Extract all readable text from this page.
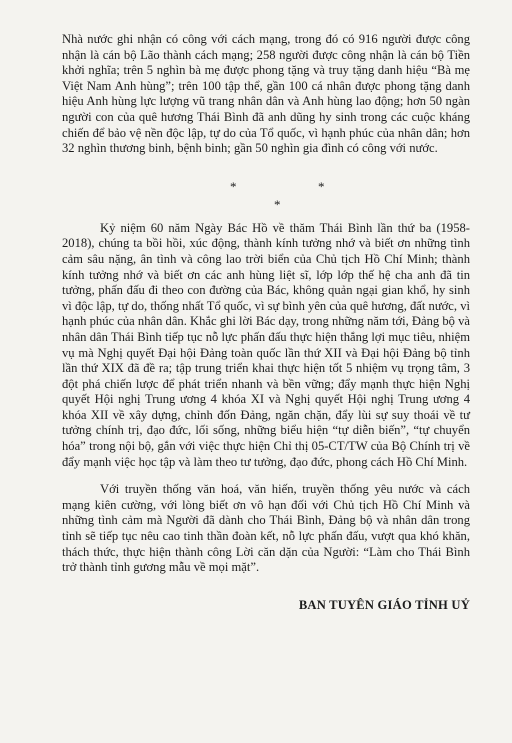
Nhà nước ghi nhận có công với cách mạng, trong đó có 916 người được công nhận là cán bộ Lão thành cách mạng; 258 người được công nhận là cán bộ Tiền khởi nghĩa; trên 5 nghìn bà mẹ được phong tặng và truy tặng danh hiệu “Bà mẹ Việt Nam Anh hùng”; trên 100 tập thể, gần 100 cá nhân được phong tặng danh hiệu Anh hùng lực lượng vũ trang nhân dân và Anh hùng lao động; hơn 50 ngàn người con của quê hương Thái Bình đã anh dũng hy sinh trong các cuộc kháng chiến để bảo vệ nền độc lập, tự do của Tổ quốc, vì hạnh phúc của nhân dân; hơn 32 nghìn thương binh, bệnh binh; gần 50 nghìn gia đình có công với nước.

*	*
*

Kỷ niệm 60 năm Ngày Bác Hồ về thăm Thái Bình lần thứ ba (1958-2018), chúng ta bồi hồi, xúc động, thành kính tưởng nhớ và biết ơn những tình cảm sâu nặng, ân tình và công lao trời biển của Chủ tịch Hồ Chí Minh; thành kính tưởng nhớ và biết ơn các anh hùng liệt sĩ, lớp lớp thế hệ cha anh đã tin tưởng, phấn đấu đi theo con đường của Bác, không quản ngại gian khổ, hy sinh vì độc lập, tự do, thống nhất Tổ quốc, vì sự bình yên của quê hương, đất nước, vì hạnh phúc của nhân dân. Khắc ghi lời Bác dạy, trong những năm tới, Đảng bộ và nhân dân Thái Bình tiếp tục nỗ lực phấn đấu thực hiện thắng lợi mục tiêu, nhiệm vụ mà Nghị quyết Đại hội Đảng toàn quốc lần thứ XII và Đại hội Đảng bộ tỉnh lần thứ XIX đã đề ra; tập trung triển khai thực hiện tốt 5 nhiệm vụ trọng tâm, 3 đột phá chiến lược để phát triển nhanh và bền vững; đẩy mạnh thực hiện Nghị quyết Hội nghị Trung ương 4 khóa XI và Nghị quyết Hội nghị Trung ương 4 khóa XII về xây dựng, chỉnh đốn Đảng, ngăn chặn, đẩy lùi sự suy thoái về tư tưởng chính trị, đạo đức, lối sống, những biểu hiện “tự diễn biến”, “tự chuyển hóa” trong nội bộ, gắn với việc thực hiện Chỉ thị 05-CT/TW của Bộ Chính trị về đẩy mạnh việc học tập và làm theo tư tưởng, đạo đức, phong cách Hồ Chí Minh.

Với truyền thống văn hoá, văn hiến, truyền thống yêu nước và cách mạng kiên cường, với lòng biết ơn vô hạn đối với Chủ tịch Hồ Chí Minh và những tình cảm mà Người đã dành cho Thái Bình, Đảng bộ và nhân dân trong tỉnh sẽ tiếp tục nêu cao tinh thần đoàn kết, nỗ lực phấn đấu, vượt qua khó khăn, thách thức, thực hiện thành công Lời căn dặn của Người: “Làm cho Thái Bình trở thành tỉnh gương mẫu về mọi mặt”.

BAN TUYÊN GIÁO TỈNH UỶ
